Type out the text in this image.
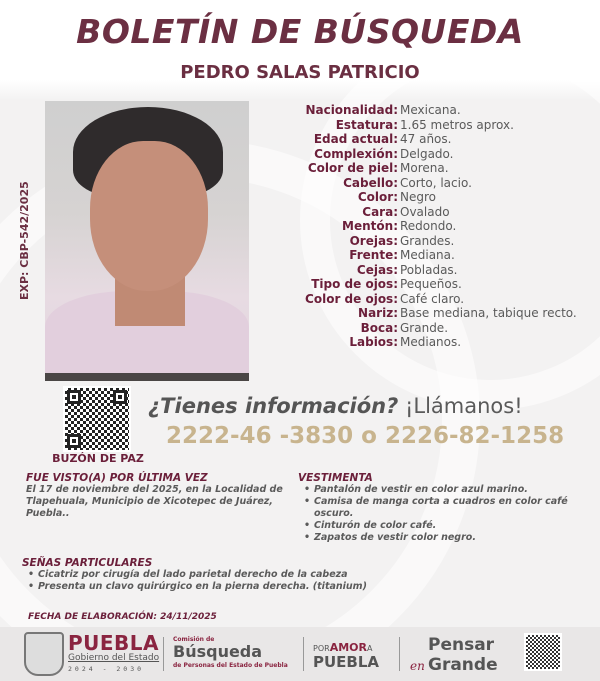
BOLETÍN DE BÚSQUEDA
PEDRO SALAS PATRICIO
EXP: CBP-542/2025
Nacionalidad: Mexicana.
Estatura: 1.65 metros aprox.
Edad actual: 47 años.
Complexión: Delgado.
Color de piel: Morena.
Cabello: Corto, lacio.
Color: Negro
Cara: Ovalado
Mentón: Redondo.
Orejas: Grandes.
Frente: Mediana.
Cejas: Pobladas.
Tipo de ojos: Pequeños.
Color de ojos: Café claro.
Nariz: Base mediana, tabique recto.
Boca: Grande.
Labios: Medianos.
BUZÓN DE PAZ
¿Tienes información? ¡Llámanos!
2222-46 -3830 o 2226-82-1258
FUE VISTO(A) POR ÚLTIMA VEZ
El 17 de noviembre del 2025, en la Localidad de Tlapehuala, Municipio de Xicotepec de Juárez, Puebla..
VESTIMENTA
• Pantalón de vestir en color azul marino.
• Camisa de manga corta a cuadros en color café oscuro.
• Cinturón de color café.
• Zapatos de vestir color negro.
SEÑAS PARTICULARES
• Cicatriz por cirugía del lado parietal derecho de la cabeza
• Presenta un clavo quirúrgico en la pierna derecha. (titanium)
FECHA DE ELABORACIÓN: 24/11/2025
PUEBLA
Gobierno del Estado
2024 - 2030
Comisión de
Búsqueda
de Personas del Estado de Puebla
PORAMORA
PUEBLA
Pensar
en Grande
